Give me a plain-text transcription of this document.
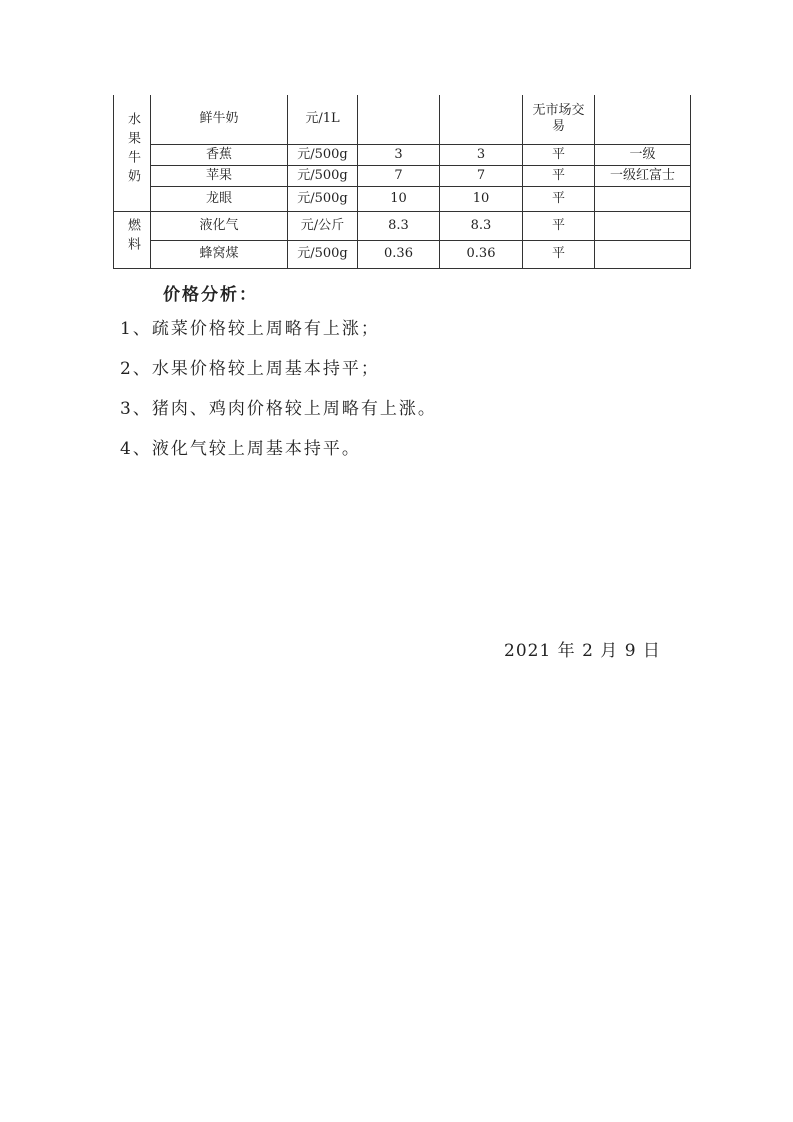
水果牛奶	鲜牛奶	元/1L			无市场交易	
	香蕉	元/500g	3	3	平	一级
	苹果	元/500g	7	7	平	一级红富士
	龙眼	元/500g	10	10	平	
燃料	液化气	元/公斤	8.3	8.3	平	
	蜂窝煤	元/500g	0.36	0.36	平	
价格分析：
1、疏菜价格较上周略有上涨；
2、水果价格较上周基本持平；
3、猪肉、鸡肉价格较上周略有上涨。
4、液化气较上周基本持平。
2021 年 2 月 9 日
